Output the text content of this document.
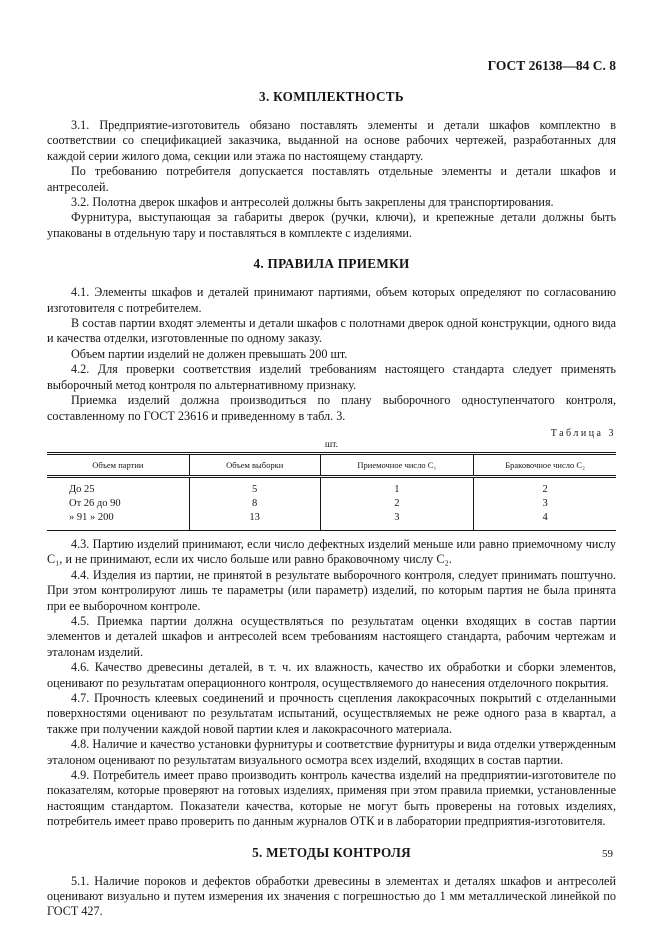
ГОСТ 26138—84 С. 8
3. КОМПЛЕКТНОСТЬ

3.1. Предприятие-изготовитель обязано поставлять элементы и детали шкафов комплектно в соответствии со спецификацией заказчика, выданной на основе рабочих чертежей, разработанных для каждой серии жилого дома, секции или этажа по настоящему стандарту.

По требованию потребителя допускается поставлять отдельные элементы и детали шкафов и антресолей.

3.2. Полотна дверок шкафов и антресолей должны быть закреплены для транспортирования.

Фурнитура, выступающая за габариты дверок (ручки, ключи), и крепежные детали должны быть упакованы в отдельную тару и поставляться в комплекте с изделиями.

4. ПРАВИЛА ПРИЕМКИ

4.1. Элементы шкафов и деталей принимают партиями, объем которых определяют по согласованию изготовителя с потребителем.

В состав партии входят элементы и детали шкафов с полотнами дверок одной конструкции, одного вида и качества отделки, изготовленные по одному заказу.

Объем партии изделий не должен превышать 200 шт.

4.2. Для проверки соответствия изделий требованиям настоящего стандарта следует применять выборочный метод контроля по альтернативному признаку.

Приемка изделий должна производиться по плану выборочного одноступенчатого контроля, составленному по ГОСТ 23616 и приведенному в табл. 3.

Таблица 3
шт.
Объем партии	Объем выборки	Приемочное число С₁	Браковочное число С₂
До 25	5	1	2
От 26 до 90	8	2	3
» 91 » 200	13	3	4

4.3. Партию изделий принимают, если число дефектных изделий меньше или равно приемочному числу С₁, и не принимают, если их число больше или равно браковочному числу С₂.

4.4. Изделия из партии, не принятой в результате выборочного контроля, следует принимать поштучно. При этом контролируют лишь те параметры (или параметр) изделий, по которым партия не была принята при ее выборочном контроле.

4.5. Приемка партии должна осуществляться по результатам оценки входящих в состав партии элементов и деталей шкафов и антресолей всем требованиям настоящего стандарта, рабочим чертежам и эталонам изделий.

4.6. Качество древесины деталей, в т. ч. их влажность, качество их обработки и сборки элементов, оценивают по результатам операционного контроля, осуществляемого до нанесения отделочного покрытия.

4.7. Прочность клеевых соединений и прочность сцепления лакокрасочных покрытий с отделанными поверхностями оценивают по результатам испытаний, осуществляемых не реже одного раза в квартал, а также при получении каждой новой партии клея и лакокрасочного материала.

4.8. Наличие и качество установки фурнитуры и соответствие фурнитуры и вида отделки утвержденным эталоном оценивают по результатам визуального осмотра всех изделий, входящих в состав партии.

4.9. Потребитель имеет право производить контроль качества изделий на предприятии-изготовителе по показателям, которые проверяют на готовых изделиях, применяя при этом правила приемки, установленные настоящим стандартом. Показатели качества, которые не могут быть проверены на готовых изделиях, потребитель имеет право проверить по данным журналов ОТК и в лаборатории предприятия-изготовителя.

5. МЕТОДЫ КОНТРОЛЯ

5.1. Наличие пороков и дефектов обработки древесины в элементах и деталях шкафов и антресолей оценивают визуально и путем измерения их значения с погрешностью до 1 мм металлической линейкой по ГОСТ 427.

59
